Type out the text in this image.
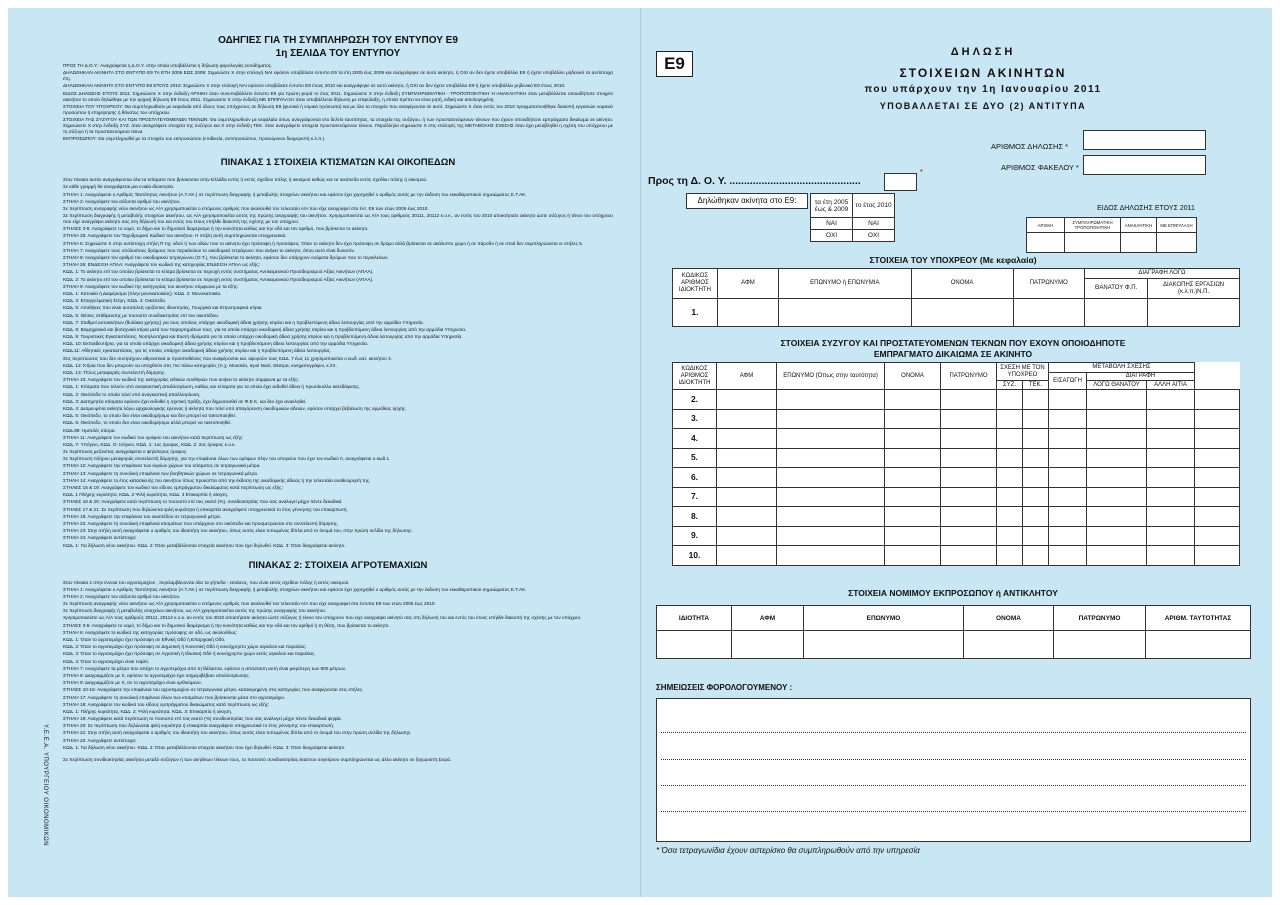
ΟΔΗΓΙΕΣ ΓΙΑ ΤΗ ΣΥΜΠΛΗΡΩΣΗ ΤΟΥ ΕΝΤΥΠΟΥ Ε9
1η ΣΕΛΙΔΑ ΤΟΥ ΕΝΤΥΠΟΥ
ΠΡΟΣ ΤΗ Δ.Ο.Υ.: Αναγράφεται η Δ.Ο.Υ. στην οποία υποβάλλεται η δήλωση φορολογίας εισοδήματος.
ΔΗΛΩΘΗΚΑΝ ΑΚΙΝΗΤΑ ΣΤΟ ΕΝΤΥΠΟ Ε9 ΤΑ ΕΤΗ 2005 ΕΩΣ 2009: Σημειώστε Χ στην επιλογή ΝΑΙ εφόσον υποβάλατε έντυπο Ε9 τα έτη 2005 έως 2009 και αναγράφηκε σε αυτό ακίνητο, ή ΟΧΙ αν δεν έχετε υποβάλλει Ε9 ή έχετε υποβάλλει μηδενικό τα αντίστοιχα έτη.
ΔΗΛΩΘΗΚΑΝ ΑΚΙΝΗΤΑ ΣΤΟ ΕΝΤΥΠΟ Ε9 ΕΤΟΥΣ 2010: Σημειώστε Χ στην επιλογή ΝΑΙ εφόσον υποβάλατε έντυπο Ε9 έτους 2010 και αναγράφηκε σε αυτό ακίνητο, ή ΟΧΙ αν δεν έχετε υποβάλλει Ε9 ή έχετε υποβάλλει μηδενικό Ε9 έτους 2010.
ΕΙΔΟΣ ΔΗΛΩΣΗΣ ΕΤΟΥΣ 2011: Σημειώνετε Χ στην ένδειξη ΑΡΧΙΚΗ όταν συνυποβάλλετε έντυπο Ε9 για πρώτη φορά το έτος 2011. Σημειώνετε Χ στην ένδειξη ΣΥΜΠΛΗΡΩΜΑΤΙΚΗ - ΤΡΟΠΟΠΟΙΗΤΙΚΗ Ή ΑΝΑΚΛΗΤΙΚΗ όταν μεταβάλλεται οποιαδήποτε στοιχείο ακινήτου το οποίο δηλώθηκε με την αρχική δήλωση Ε9 έτους 2011. Σημειώνετε Χ στην ένδειξη ΜΕ ΕΠΙΦΥΛΑΞΗ όταν υποβάλλεται δήλωση με επιφύλαξη, η οποία πρέπει να είναι ρητή, ειδική και αιτιολογημένη.
ΣΤΟΙΧΕΙΑ ΤΟΥ ΥΠΟΧΡΕΟΥ: Θα συμπληρωθούν με κεφαλαία από όλους τους υπόχρεους σε δήλωση Ε9 (φυσικά ή νομικά πρόσωπα) και με όλα τα στοιχεία που αναφέρονται σε αυτό. Σημειώστε Χ όταν εντός του 2010 πραγματοποιήθηκε διακοπή εργασιών νομικού προσώπου ή επιχείρησης ή θάνατος του υπόχρεου.
ΣΤΟΙΧΕΙΑ ΤΗΣ ΣΥΖΥΓΟΥ ΚΑΙ ΤΩΝ ΠΡΟΣΤΑΤΕΥΟΜΕΝΩΝ ΤΕΚΝΩΝ: Θα συμπληρωθούν με κεφαλαία όπως αναγράφονται στο δελτίο ταυτότητας, τα στοιχεία της συζύγου, ή των προστατευόμενων τέκνων που έχουν οποιοδήποτε εμπράγματο δικαίωμα σε ακίνητο. Σημειώνετε Χ στην ένδειξη ΣΥΖ. όταν αναγράφετε στοιχεία της συζύγου και Χ στην ένδειξη ΤΕΚ. όταν αναγράφετε στοιχεία προστατευόμενου τέκνου. Παράλληλα σημειώστε Χ στις επιλογές της ΜΕΤΑΒΟΛΗΣ ΣΧΕΣΗΣ όταν έχει μεταβληθεί η σχέση του υπόχρεου με τη σύζυγο ή τα προστατευόμενα τέκνα.
ΕΚΠΡΟΣΩΠΟΥ: Θα συμπληρωθεί με τα στοιχεία του εκπροσώπου (επιδικεία, αντιπροσώπου, προσώρινου διαχειριστή κ.λ.π.).
ΠΙΝΑΚΑΣ 1 ΣΤΟΙΧΕΙΑ ΚΤΙΣΜΑΤΩΝ ΚΑΙ ΟΙΚΟΠΕΔΩΝ
Στον πίνακα αυτόν αναγράφονται όλα τα κτίσματα που βρίσκονται στην Ελλάδα εντός ή εκτός σχεδίου πόλης ή οικισμού καθώς και τα οικόπεδα εντός σχεδίου πόλης ή οικισμού.
Σε κάθε γραμμή θα αναγράφεται μια ενιαία ιδιοκτησία.
ΣΤΗΛΗ 1: Αναγράφεται ο Αριθμός Ταυτότητας Ακινήτου (Α.Τ.ΑΚ.) σε περίπτωση διαγραφής ή μεταβολής στοιχείων ακινήτου και εφόσον έχει χορηγηθεί ο αριθμός αυτός με την έκδοση του εκκαθαριστικού σημειώματος Ε.Τ.ΑΚ.
ΣΤΗΛΗ 2: Αναγράφετε τον αύξοντα αριθμό του ακινήτου.
Σε περίπτωση αναγραφής νέου ακινήτου ως Α/Α χρησιμοποιείται ο επόμενος αριθμός που ακολουθεί τον τελευταίο Α/Α που είχε αναγραφεί στα έντ. Ε9 των ετών 2005 έως 2010.
Σε περίπτωση διαγραφής ή μεταβολής στοιχείων ακινήτου, ως Α/Α χρησιμοποιείται αυτός της πρώτης αναγραφής του ακινήτου. Χρησιμοποιείστε ως Α/Α τους αριθμούς 20111, 20112 κ.ο.κ., αν εντός του 2010 αποκτήσατε ακίνητο ώστε σύζυγος ή τέκνο του υπόχρεου που είχε αναγράψει ακίνητο σας στη δήλωσή του και εντός του έτους επήλθε διακοπή της σχέσης με τον υπόχρεο.
ΣΤΗΛΕΣ 3-6: Αναγράφετε το νομό, το δήμο και το δημοτικό διαμέρισμα ή την κοινότητα καθώς και την οδό και τον αριθμό, που βρίσκεται το ακίνητο.
ΣΤΗΛΗ 25: Αναγράφετε τον Ταχυδρομικό Κώδικό του ακινήτου. Η στήλη αυτή συμπληρώνεται υποχρεωτικά.
ΣΤΗΛΗ 6: Σημειώστε Χ στην αντίστοιχη στήλη Π της οδού ή των οδών που το ακίνητο έχει πρόσοψη ή προσόψεις. Όταν το ακίνητο δεν έχει πρόσοψη σε δρόμο αλλά βρίσκεται σε ακάλυπτο χώρο ή σε πάροδο ή σε στοά δεν συμπληρώνεται οι στήλες 6.
ΣΤΗΛΗ 7: Αναγράφετε τους υπόλοιπους δρόμους που περικλείουν το οικοδομικό τετράγωνο που ανήκει το ακίνητο, όπου αυτό είναι δυνατόν.
ΣΤΗΛΗ 8: Αναγράφετε τον αριθμό του οικοδομικού τετραγώνου (Ο.Τ.), που βρίσκεται το ακίνητο, εφόσον δεν υπάρχουν ονόματα δρόμων που το περικλείουν.
ΣΤΗΛΗ 26: ΕΝΔΕΙΞΗ ΑΠΑΑ: Αναγράφετε τον κωδικό της κατηγορίας ΕΝΔΕΙΞΗ ΑΠΑΑ ως εξής:
ΚΩΔ. 1: Το ακίνητο επί του οποίου βρίσκεται το κτίσμα βρίσκεται σε περιοχή εντός συστήματος Αντικειμενικού Προσδιορισμού Αξίας Ακινήτων (ΑΠΑΑ).
ΚΩΔ. 2: Το ακίνητο επί του οποίου βρίσκεται το κτίσμα βρίσκεται σε περιοχή εκτός συστήματος Αντικειμενικού Προσδιορισμού Αξίας Ακινήτων (ΑΠΑΑ).
ΣΤΗΛΗ 9: Αναγράφετε τον κωδικό της κατηγορίας του ακινήτου σύμφωνα με τα εξής:
ΚΩΔ. 1: Κατοικία ή Διαμέρισμα (πλην μονοκατοικίας). ΚΩΔ. 2: Μονοκατοικία.
ΚΩΔ. 3: Επαγγελματική Στέγη. ΚΩΔ. 4: Οικόπεδο.
ΚΩΔ. 5: Αποθήκες που είναι αυτοτελείς οριζόντιες ιδιοκτησίες, Γεωργικά και Κτηνοτροφικά κτίρια.
ΚΩΔ. 6: Θέσεις στάθμευσης με ποσοστό συνιδιοκτησίας επί του οικοπέδου.
ΚΩΔ. 7: Σταθμοί αυτοκινήτων (θυλάκια χρήσης) για τους οποίους υπάρχει οικοδομική άδεια χρήσης κτιρίου και η προβλεπόμενη άδεια λειτουργίας από την αρμόδια Υπηρεσία.
ΚΩΔ. 8: Βιομηχανικά και βιοτεχνικά κτίρια μετά των παραρτημάτων τους, για τα οποία υπάρχει οικοδομική άδεια χρήσης κτιρίου και η προβλεπόμενη άδεια λειτουργίας από την αρμόδια Υπηρεσία.
ΚΩΔ. 9: Τουριστικές Εγκαταστάσεις, Νοσηλευτήρια και Ειωτή Ιδρύματα για τα οποία υπάρχει οικοδομική άδεια χρήσης κτιρίου και η προβλεπόμενη άδεια λειτουργίας από την αρμόδια Υπηρεσία.
ΚΩΔ. 10: Εκπαιδευτήρια, για τα οποία υπάρχει οικοδομική άδεια χρήσης κτιρίου και η προβλεπόμενη άδεια λειτουργίας από την αρμόδια Υπηρεσία.
ΚΩΔ.11: Αθλητικές εγκαταστάσεις, για τις οποίες υπάρχει οικοδομική άδεια χρήσης κτιρίου και η προβλεπόμενη άδεια λειτουργίας.
Στις περιπτώσεις που δεν συντρέχουν αθροιστικά οι προϋποθέσεις που αναφέρονται και. αφορούν τους ΚΩΔ. 7 έως 11 χρησιμοποιείται ο κωδ. κατ. ακινήτου 3.
ΚΩΔ. 12: Κτίρια που δεν μπορούν να υπαχθούν στις πιο πάνω κατηγορίες (π.χ. Μουσεία, Ιεροί Ναοί, Θέατρα, κινηματογράφοι, κ.λπ.
ΚΩΔ. 13: Τίτλος μεταφοράς συντελεστή δόμησης.
ΣΤΗΛΗ 10: Αναγράφετε τον κωδικό της κατηγορίας ειδικών συνθηκών που ανήκει το ακίνητο σύμφωνα με τα εξής:
ΚΩΔ. 1: Κτίσματα που τελούν υπό αναγκαστική απαλλοτρίωση, καθώς και κτίσματα για τα οποία έχει εκδοθεί άδεια ή πρωτόκολλο κατεδάφισης.
ΚΩΔ. 2: Οικόπεδα το οποία τελεί υπό αναγκαστική απαλλοτρίωση.
ΚΩΔ. 3: Διατηρητέα κτίσματα εφόσον έχει εκδοθεί η σχετική πράξη, έχει δημοσιευθεί σε Φ.Ε.Κ. και δεν έχει ανακληθεί.
ΚΩΔ. 4: Δεσμευμένα ακίνητα λόγω αρχαιολογικής έρευνας ή ακίνητα που τελεί υπό απαγόρευση οικοδομικών αδειών, εφόσον υπάρχει βεβαίωση της αρμόδιας αρχής.
ΚΩΔ. 5: Οικόπεδο, το οποίο δεν είναι οικοδομήσιμο και δεν μπορεί να τακτοποιηθεί.
ΚΩΔ. 6: Οικόπεδο, το οποίο δεν είναι οικοδομήσιμο αλλά μπορεί να τακτοποιηθεί.
ΚΩΔ.99: Ημιτελές κτίσμα.
ΣΤΗΛΗ 11: Αναγράφετε τον κωδικό του ορόφου του ακινήτου κατά περίπτωση ως εξής:
ΚΩΔ. Υ: Υπόγειο, ΚΩΔ. Ο: Ισόγειο, ΚΩΔ. 1: 1ος όροφος, ΚΩΔ. 2: 2ος όροφος κ.ο.κ.
Σε περίπτωση μεζονέτας αναγράφεται ο ψηλότερος όροφος.
Σε περίπτωση πλήρου μεταφοράς συντελεστή δόμησης, για την επιφάνεια όλων των ορόφων πλην του υπογείου που έχει τον κωδικό 0, αναγράφεται ο κωδ.1.
ΣΤΗΛΗ 12: Αναγράφετε την επιφάνεια των κυρίων χώρων του κτίσματος σε τετραγωνικά μέτρα.
ΣΤΗΛΗ 13: Αναγράφετε τη συνολική επιφάνεια των βοηθητικών χώρων σε τετραγωνικά μέτρα.
ΣΤΗΛΗ 14: Αναγράφετε το έτος κατασκευής του ακινήτου όπως προκύπτει από την έκδοση της οικοδομικής άδειας ή την τελευταία αναθεώρησή της.
ΣΤΗΛΕΣ 15 & 19: Αναγράφετε τον κωδικό του είδους εμπράγματου δικαιώματος κατά περίπτωση ως εξής:
ΚΩΔ. 1 Πλήρης κυριότητα, ΚΩΔ. 2 Ψιλή κυριότητα, ΚΩΔ. 3 Επικαρπία ή οίκηση.
ΣΤΗΛΕΣ 16 & 20: Αναγράφετε κατά περίπτωση το ποσοστό επί τοις εκατό (%), συνιδιοκτησίας που σας αναλογεί μέχρι πέντε δεκαδικά
ΣΤΗΛΕΣ 17 & 21: Σε περίπτωση που δηλώνεται ψιλή κυριότητα ή επικαρπία αναγράφετε υποχρεωτικά το έτος γέννησης του επικαρπωτή.
ΣΤΗΛΗ 18: Αναγράφετε την επιφάνεια του οικοπέδου σε τετραγωνικά μέτρα.
ΣΤΗΛΗ 22: Αναγράφετε τη συνολική επιφάνεια κτισμάτων που υπάρχουν στο οικόπεδο και προσμετρώνται στο συντελεστή δόμησης.
ΣΤΗΛΗ 23: Στην στήλη αυτή αναγράφεται ο αριθμός του ιδιοκτήτη του ακινήτου, όπως αυτός είναι τυπωμένος δίπλα από το όνομά του, στην πρώτη σελίδα της δήλωσης.
ΣΤΗΛΗ 24: Αναγράφετε αντίστοιχα:
ΚΩΔ. 1: Για δήλωση νέου ακινήτου. ΚΩΔ. 2: Όταν μεταβάλλονται στοιχεία ακινήτου που έχει δηλωθεί. ΚΩΔ. 3: Όταν διαγράφεται ακίνητο.
ΠΙΝΑΚΑΣ 2: ΣΤΟΙΧΕΙΑ ΑΓΡΟΤΕΜΑΧΙΩΝ
Στον πίνακα 2 στην έννοια του αγροτεμαχίου , περιλαμβάνονται όλα τα γήπεδα - εκτάσεις, που είναι εκτός σχεδίου πόλης ή εκτός οικισμού.
ΣΤΗΛΗ 1: Αναγράφεται ο Αριθμός Ταυτότητας Ακινήτου (Α.Τ.ΑΚ.) σε περίπτωση διαγραφής ή μεταβολής στοιχείων ακινήτου και εφόσον έχει χορηγηθεί ο αριθμός αυτός με την έκδοση του εκκαθαριστικού σημειώματος Ε.Τ.ΑΚ.
ΣΤΗΛΗ 2: Αναγράφετε τον αύξοντα αριθμό του ακινήτου.
Σε περίπτωση αναγραφής νέου ακινήτου ως Α/Α χρησιμοποιείται ο επόμενος αριθμός που ακολουθεί τον τελευταίο Α/Α που είχε αναγραφεί στα έντυπα Ε9 των ετών 2005 έως 2010.
Σε περίπτωση διαγραφής ή μεταβολής στοιχείων ακινήτου, ως Α/Α χρησιμοποιείται αυτός της πρώτης αναγραφής του ακινήτου.
Χρησιμοποιείστε ως Α/Α τους αριθμούς 20111, 20112 κ.ο.κ. αν εντός του 2010 αποκτήσατε ακίνητο ώστε σύζυγος ή τέκνο του υπόχρεου που είχε αναγράψει ακίνητό σας στη δήλωσή του και εντός του έτους επήλθε διακοπή της σχέσης με τον υπόχρεο.
ΣΤΗΛΕΣ 3-5: Αναγράφετε το νομό, το δήμο και το δημοτικό διαμέρισμα ή την κοινότητα καθώς και την οδό και τον αριθμό ή τη θέση, που βρίσκεται το ακίνητο.
ΣΤΗΛΗ 6: Αναγράφετε το κωδικό της κατηγορίας πρόσοψης σε οδό, ως ακολούθως:
ΚΩΔ. 1: Όταν το αγροτεμάχιο έχει πρόσοψη σε Εθνική Οδό ή Επαρχιακή Οδό.
ΚΩΔ. 2: Όταν το αγροτεμάχιο έχει πρόσοψη σε Δημοτική ή Κοινοτική Οδό ή κοινόχρηστο χώρο αιγιαλού και παραλίας.
ΚΩΔ. 3: Όταν το αγροτεμάχιο έχει πρόσοψη σε Αγροτική ή Ιδιωτική Οδό ή κοινόχρηστο χώρο εκτός αιγιαλού και παραλίας.
ΚΩΔ. 4: Όταν το αγροτεμάχιο είναι τυφλό.
ΣΤΗΛΗ 7: Αναγράφετε τα μέτρα που απέχει το αγροτεμάχιο από τη θάλασσα, εφόσον η απόσταση αυτή είναι μικρότερη των 800 μέτρων.
ΣΤΗΛΗ 8: Διαγραμμίζετε με Χ, εφόσον το αγροτεμάχιο έχει ισημεριβέβαιο απαλλοτρίωσης.
ΣΤΗΛΗ 9: Διαγραμμίζετε με Χ, αν το αγροτεμάχιο είναι ορθιούμενο.
ΣΤΗΛΕΣ 10-16: Αναγράφετε την επιφάνεια του αγροτεμαχίου σε τετραγωνικά μέτρα, κατανεμημένη στις κατηγορίες που αναφέρονται στις στήλες.
ΣΤΗΛΗ 17: Αναγράφετε τη συνολική επιφάνεια όλων των κτισμάτων που βρίσκονται μέσα στο αγροτεμάχιο.
ΣΤΗΛΗ 18: Αναγράφετε τον κωδικό του είδους εμπράγματου δικαιώματος κατά περίπτωση ως εξής:
ΚΩΔ. 1: Πλήρης κυριότητα, ΚΩΔ. 2: Ψιλή κυριότητα, ΚΩΔ. 3: Επικαρπία ή οίκηση.
ΣΤΗΛΗ 19: Αναγράφετε κατά περίπτωση το ποσοστό επί τοις εκατό (%) συνιδιοκτησίας που σας αναλογεί μέχρι πέντε δεκαδικά ψηφία.
ΣΤΗΛΗ 20: Σε περίπτωση που δηλώνεται ψιλή κυριότητα ή επικαρπία αναγράφετε υποχρεωτικά το έτος γέννησης του επικαρπωτή.
ΣΤΗΛΗ 21: Στην στήλη αυτή αναγράφεται ο αριθμός του ιδιοκτήτη του ακινήτου, όπως αυτός είναι τυπωμένος δίπλα από το όνομά του στην πρώτη σελίδα της δήλωσης.
ΣΤΗΛΗ 22: Αναγράφετε αντίστοιχα:
ΚΩΔ. 1: Για δήλωση νέου ακινήτου. ΚΩΔ. 2: Όταν μεταβάλλονται στοιχεία ακινήτου που έχει δηλωθεί. ΚΩΔ. 3: Όταν διαγράφεται ακίνητο.
Σε περίπτωση συνιδιοκτησίας ακινήτου μεταξύ συζύγων ή των ανηλίκων τέκνων τους, το ποσοστό συνιδιοκτησίας έκαστου συγκύριου συμπληρώνεται ως άλλο ακίνητο σε ξεχωριστή Σειρά.
Υ.Ε.Ε.Α. ΥΠΟΥΡΓΕΙΟΥ ΟΙΚΟΝΟΜΙΚΩΝ
Ε9
ΔΗΛΩΣΗ
ΣΤΟΙΧΕΙΩΝ ΑΚΙΝΗΤΩΝ
που υπάρχουν την 1η Ιανουαρίου 2011
ΥΠΟΒΑΛΛΕΤΑΙ ΣΕ ΔΥΟ (2) ΑΝΤΙΤΥΠΑ
ΑΡΙΘΜΟΣ ΔΗΛΩΣΗΣ *
ΑΡΙΘΜΟΣ ΦΑΚΕΛΟΥ *
Προς τη Δ. Ο. Υ. .............................................
*
Δηλώθηκαν ακίνητα στο Ε9:	τα έτη 2005 έως & 2009	το έτος 2010
ΝΑΙ	ΝΑΙ
ΟΧΙ	ΟΧΙ
ΕΙΔΟΣ ΔΗΛΩΣΗΣ ΕΤΟΥΣ 2011
ΑΡΧΙΚΗ	ΣΥΜΠΛΗΡΩΜΑΤΙΚΗ ΤΡΟΠΟΠΟΙΗΤΙΚΗ	ΑΝΑΚΛΗΤΙΚΗ	ΜΕ ΕΠΙΦΥΛΑΞΗ

ΣΤΟΙΧΕΙΑ ΤΟΥ ΥΠΟΧΡΕΟΥ (Με κεφαλαία)
ΚΩΔΙΚΟΣ ΑΡΙΘΜΟΣ ΙΔΙΟΚΤΗΤΗ	ΑΦΜ	ΕΠΩΝΥΜΟ ή ΕΠΩΝΥΜΙΑ	ΟΝΟΜΑ	ΠΑΤΡΩΝΥΜΟ	ΔΙΑΓΡΑΦΗ ΛΟΓΩ	
					ΘΑΝΑΤΟΥ Φ.Π.	ΔΙΑΚΟΠΗΣ ΕΡΓΑΣΙΩΝ (κ.λ.π.)Ν.Π.
1.						
ΣΤΟΙΧΕΙΑ ΣΥΖΥΓΟΥ ΚΑΙ ΠΡΟΣΤΑΤΕΥΟΜΕΝΩΝ ΤΕΚΝΩΝ ΠΟΥ ΕΧΟΥΝ ΟΠΟΙΟΔΗΠΟΤΕ
ΕΜΠΡΑΓΜΑΤΟ ΔΙΚΑΙΩΜΑ ΣΕ ΑΚΙΝΗΤΟ
ΚΩΔΙΚΟΣ ΑΡΙΘΜΟΣ ΙΔΙΟΚΤΗΤΗ	ΑΦΜ	ΕΠΩΝΥΜΟ (Όπως στην ταυτότητα)	ΟΝΟΜΑ	ΠΑΤΡΩΝΥΜΟ	ΣΧΕΣΗ ΜΕ ΤΟΝ ΥΠΟΧΡΕΟ		ΜΕΤΑΒΟΛΗ ΣΧΕΣΗΣ			
							ΕΙΣΑΓΩΓΗ	ΔΙΑΓΡΑΦΗ		
					ΣΥΖ.	ΤΕΚ.		ΛΟΓΩ ΘΑΝΑΤΟΥ	ΑΛΛΗ ΑΙΤΙΑ	
2.										
3.										
4.										
5.										
6.										
7.										
8.										
9.										
10.										
ΣΤΟΙΧΕΙΑ ΝΟΜΙΜΟΥ ΕΚΠΡΟΣΩΠΟΥ ή ΑΝΤΙΚΛΗΤΟΥ
ΙΔΙΟΤΗΤΑ	ΑΦΜ	ΕΠΩΝΥΜΟ	ΟΝΟΜΑ	ΠΑΤΡΩΝΥΜΟ	ΑΡΙΘΜ. ΤΑΥΤΟΤΗΤΑΣ

ΣΗΜΕΙΩΣΕΙΣ ΦΟΡΟΛΟΓΟΥΜΕΝΟΥ :
* Όσα τετραγωνίδια έχουν αστερίσκο θα συμπληρωθούν από την υπηρεσία
